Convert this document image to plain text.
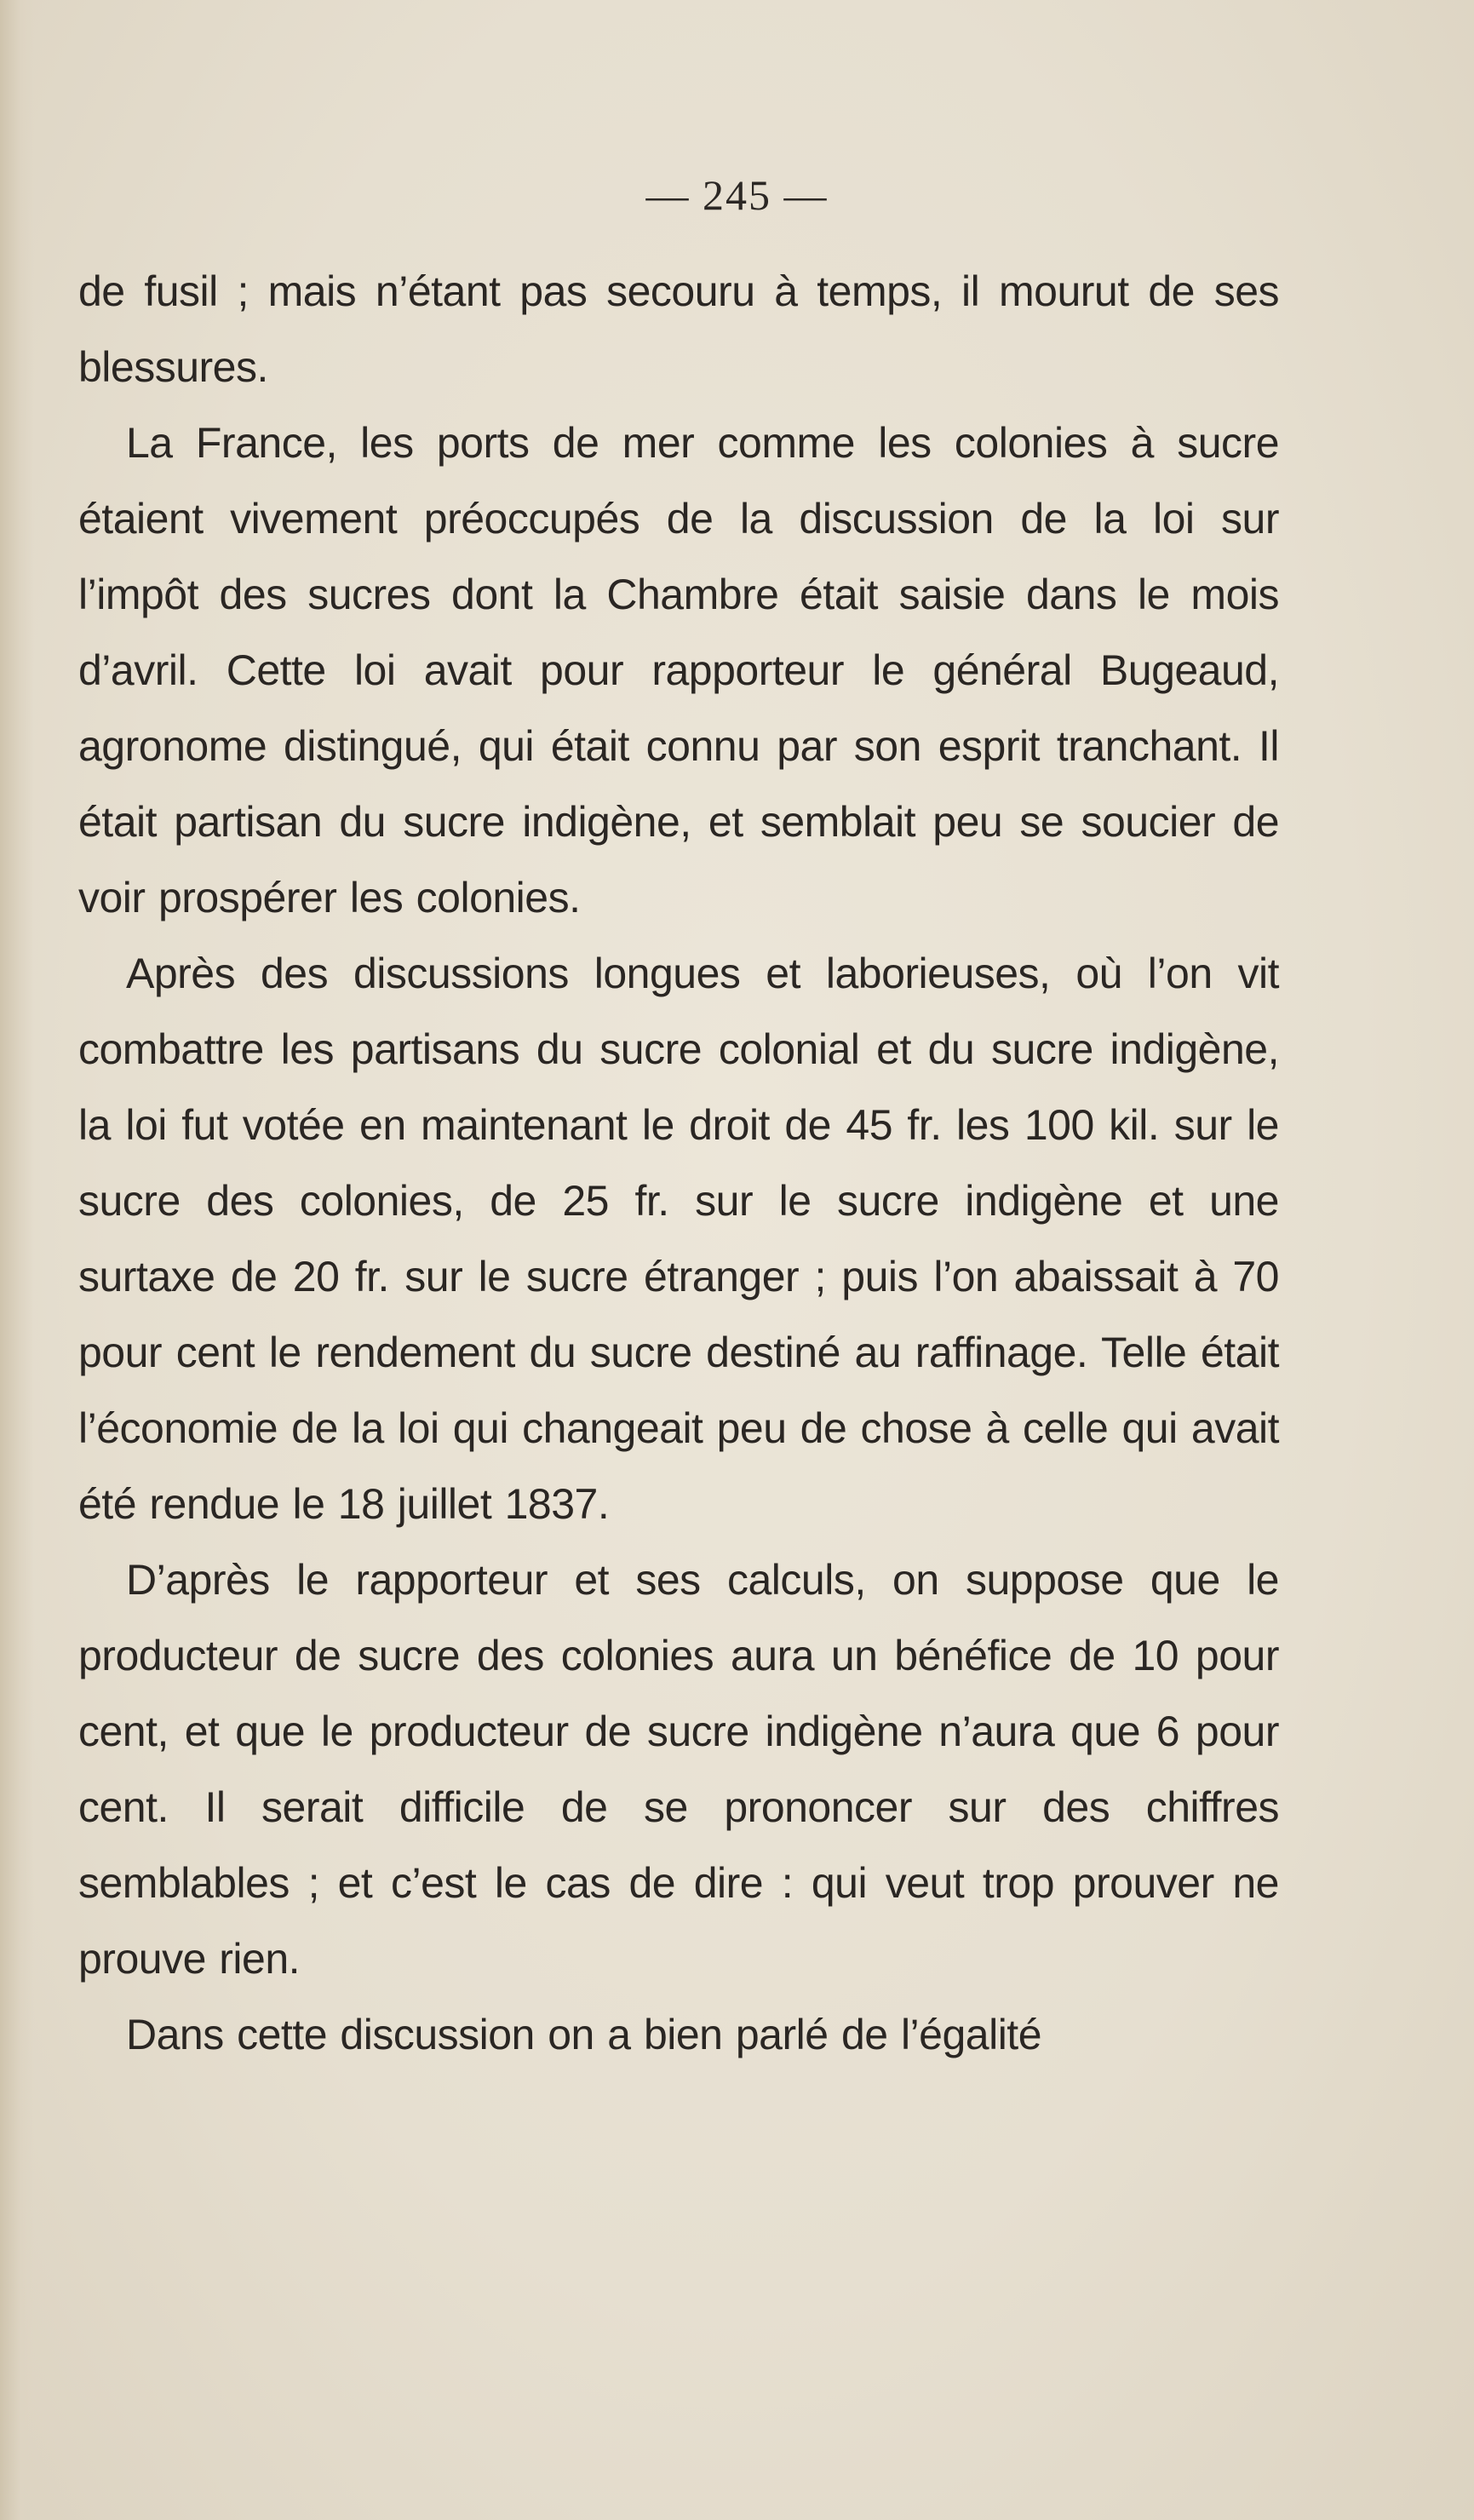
— 245 —

de fusil ; mais n’étant pas secouru à temps, il mourut de ses blessures.

La France, les ports de mer comme les colonies à sucre étaient vivement préoccupés de la discussion de la loi sur l’impôt des sucres dont la Chambre était saisie dans le mois d’avril. Cette loi avait pour rapporteur le général Bugeaud, agronome distingué, qui était connu par son esprit tranchant. Il était partisan du sucre indigène, et semblait peu se soucier de voir prospérer les colonies.

Après des discussions longues et laborieuses, où l’on vit combattre les partisans du sucre colonial et du sucre indigène, la loi fut votée en maintenant le droit de 45 fr. les 100 kil. sur le sucre des colonies, de 25 fr. sur le sucre indigène et une surtaxe de 20 fr. sur le sucre étranger ; puis l’on abaissait à 70 pour cent le rendement du sucre destiné au raffinage. Telle était l’économie de la loi qui changeait peu de chose à celle qui avait été rendue le 18 juillet 1837.

D’après le rapporteur et ses calculs, on suppose que le producteur de sucre des colonies aura un bénéfice de 10 pour cent, et que le producteur de sucre indigène n’aura que 6 pour cent. Il serait difficile de se prononcer sur des chiffres semblables ; et c’est le cas de dire : qui veut trop prouver ne prouve rien.

Dans cette discussion on a bien parlé de l’égalité
